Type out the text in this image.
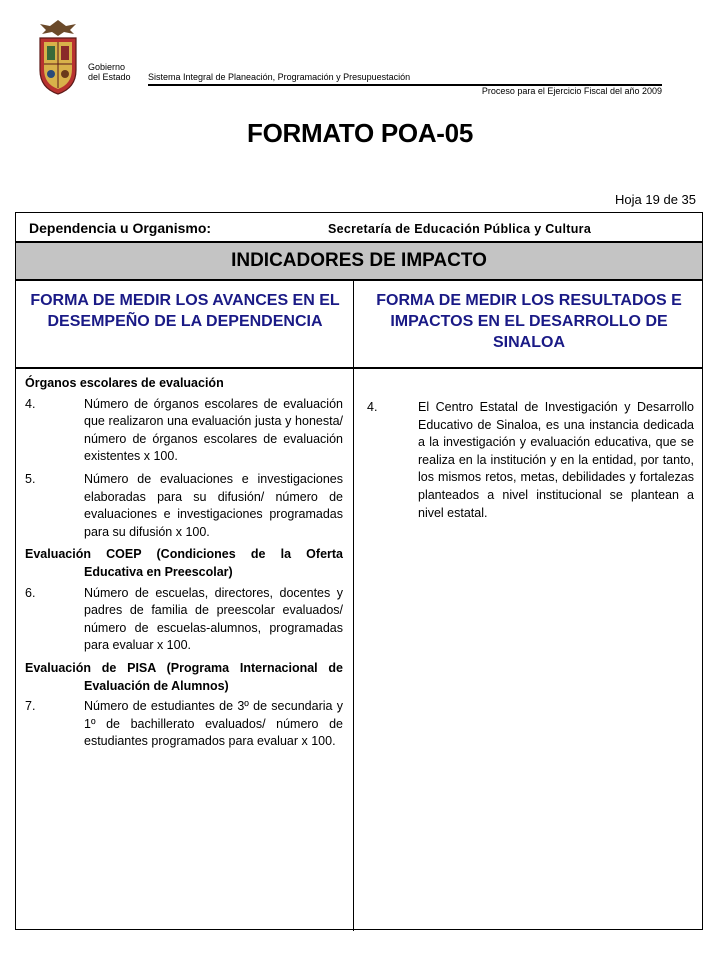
Gobierno
del Estado Sistema Integral de Planeación, Programación y Presupuestación
Proceso para el Ejercicio Fiscal del año 2009
FORMATO POA-05
Hoja 19 de 35
Dependencia u Organismo:	Secretaría de Educación Pública y Cultura
INDICADORES DE IMPACTO
FORMA DE MEDIR LOS AVANCES EN EL DESEMPEÑO DE LA DEPENDENCIA
FORMA DE MEDIR LOS RESULTADOS E IMPACTOS EN EL DESARROLLO DE SINALOA
Órganos escolares de evaluación
4.	Número de órganos escolares de evaluación que realizaron una evaluación justa y honesta/ número de órganos escolares de evaluación existentes x 100.
5.	Número de evaluaciones e investigaciones elaboradas para su difusión/ número de evaluaciones e investigaciones programadas para su difusión x 100.
Evaluación COEP (Condiciones de la Oferta Educativa en Preescolar)
6.	Número de escuelas, directores, docentes y padres de familia de preescolar evaluados/ número de escuelas-alumnos, programadas para evaluar x 100.
Evaluación de PISA (Programa Internacional de Evaluación de Alumnos)
7.	Número de estudiantes de 3º de secundaria y 1º de bachillerato evaluados/ número de estudiantes programados para evaluar x 100.
4.	El Centro Estatal de Investigación y Desarrollo Educativo de Sinaloa, es una instancia dedicada a la investigación y evaluación educativa, que se realiza en la institución y en la entidad, por tanto, los mismos retos, metas, debilidades y fortalezas planteados a nivel institucional se plantean a nivel estatal.
